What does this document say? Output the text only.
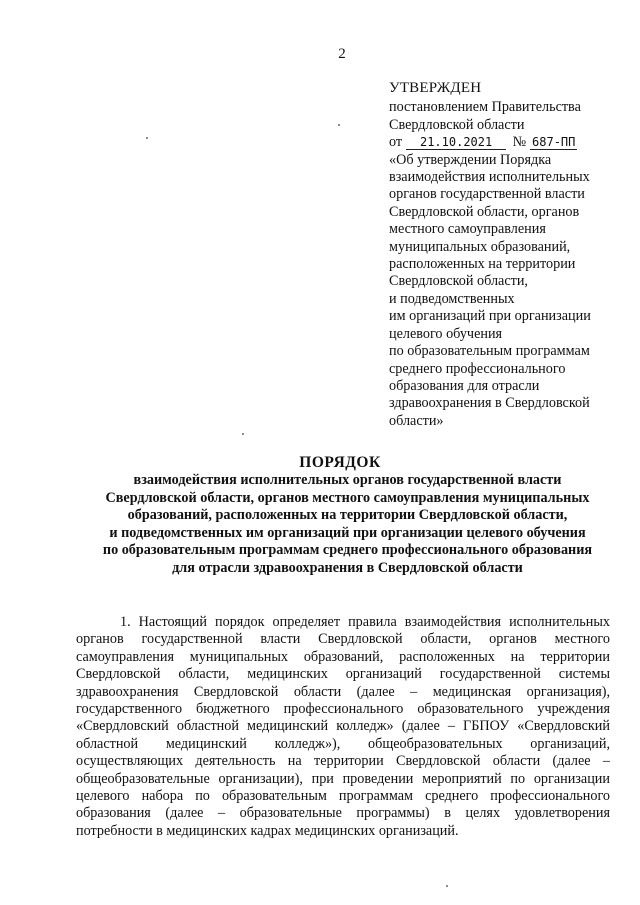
2
УТВЕРЖДЕН
постановлением Правительства
Свердловской области
от 21.10.2021 № 687-ПП
«Об утверждении Порядка
взаимодействия исполнительных
органов государственной власти
Свердловской области, органов
местного самоуправления
муниципальных образований,
расположенных на территории
Свердловской области,
и подведомственных
им организаций при организации
целевого обучения
по образовательным программам
среднего профессионального
образования для отрасли
здравоохранения в Свердловской
области»
ПОРЯДОК
взаимодействия исполнительных органов государственной власти
Свердловской области, органов местного самоуправления муниципальных
образований, расположенных на территории Свердловской области,
и подведомственных им организаций при организации целевого обучения
по образовательным программам среднего профессионального образования
для отрасли здравоохранения в Свердловской области
1. Настоящий порядок определяет правила взаимодействия исполнительных
органов государственной власти Свердловской области, органов местного
самоуправления муниципальных образований, расположенных на территории
Свердловской области, медицинских организаций государственной системы
здравоохранения Свердловской области (далее – медицинская организация),
государственного бюджетного профессионального образовательного учреждения
«Свердловский областной медицинский колледж» (далее – ГБПОУ «Свердловский
областной медицинский колледж»), общеобразовательных организаций,
осуществляющих деятельность на территории Свердловской области (далее –
общеобразовательные организации), при проведении мероприятий по организации
целевого набора по образовательным программам среднего профессионального
образования (далее – образовательные программы) в целях удовлетворения
потребности в медицинских кадрах медицинских организаций.
